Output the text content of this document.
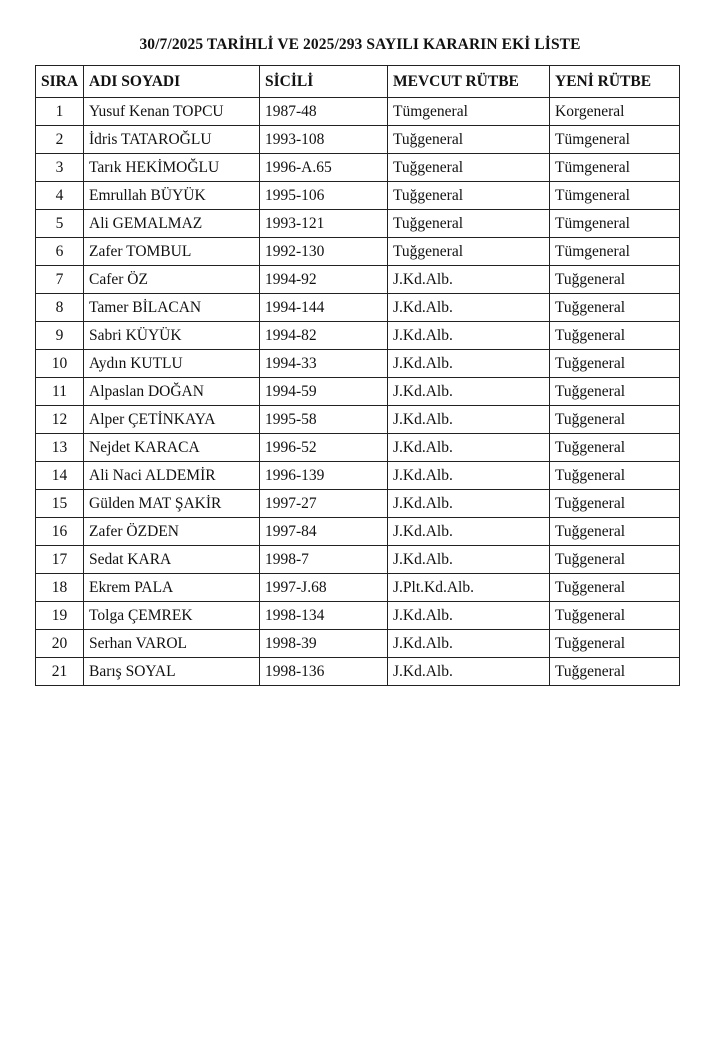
30/7/2025 TARİHLİ VE 2025/293 SAYILI KARARIN EKİ LİSTE
SIRA	ADI SOYADI	SİCİLİ	MEVCUT RÜTBE	YENİ RÜTBE
1	Yusuf Kenan TOPCU	1987-48	Tümgeneral	Korgeneral
2	İdris TATAROĞLU	1993-108	Tuğgeneral	Tümgeneral
3	Tarık HEKİMOĞLU	1996-A.65	Tuğgeneral	Tümgeneral
4	Emrullah BÜYÜK	1995-106	Tuğgeneral	Tümgeneral
5	Ali GEMALMAZ	1993-121	Tuğgeneral	Tümgeneral
6	Zafer TOMBUL	1992-130	Tuğgeneral	Tümgeneral
7	Cafer ÖZ	1994-92	J.Kd.Alb.	Tuğgeneral
8	Tamer BİLACAN	1994-144	J.Kd.Alb.	Tuğgeneral
9	Sabri KÜYÜK	1994-82	J.Kd.Alb.	Tuğgeneral
10	Aydın KUTLU	1994-33	J.Kd.Alb.	Tuğgeneral
11	Alpaslan DOĞAN	1994-59	J.Kd.Alb.	Tuğgeneral
12	Alper ÇETİNKAYA	1995-58	J.Kd.Alb.	Tuğgeneral
13	Nejdet KARACA	1996-52	J.Kd.Alb.	Tuğgeneral
14	Ali Naci ALDEMİR	1996-139	J.Kd.Alb.	Tuğgeneral
15	Gülden MAT ŞAKİR	1997-27	J.Kd.Alb.	Tuğgeneral
16	Zafer ÖZDEN	1997-84	J.Kd.Alb.	Tuğgeneral
17	Sedat KARA	1998-7	J.Kd.Alb.	Tuğgeneral
18	Ekrem PALA	1997-J.68	J.Plt.Kd.Alb.	Tuğgeneral
19	Tolga ÇEMREK	1998-134	J.Kd.Alb.	Tuğgeneral
20	Serhan VAROL	1998-39	J.Kd.Alb.	Tuğgeneral
21	Barış SOYAL	1998-136	J.Kd.Alb.	Tuğgeneral
